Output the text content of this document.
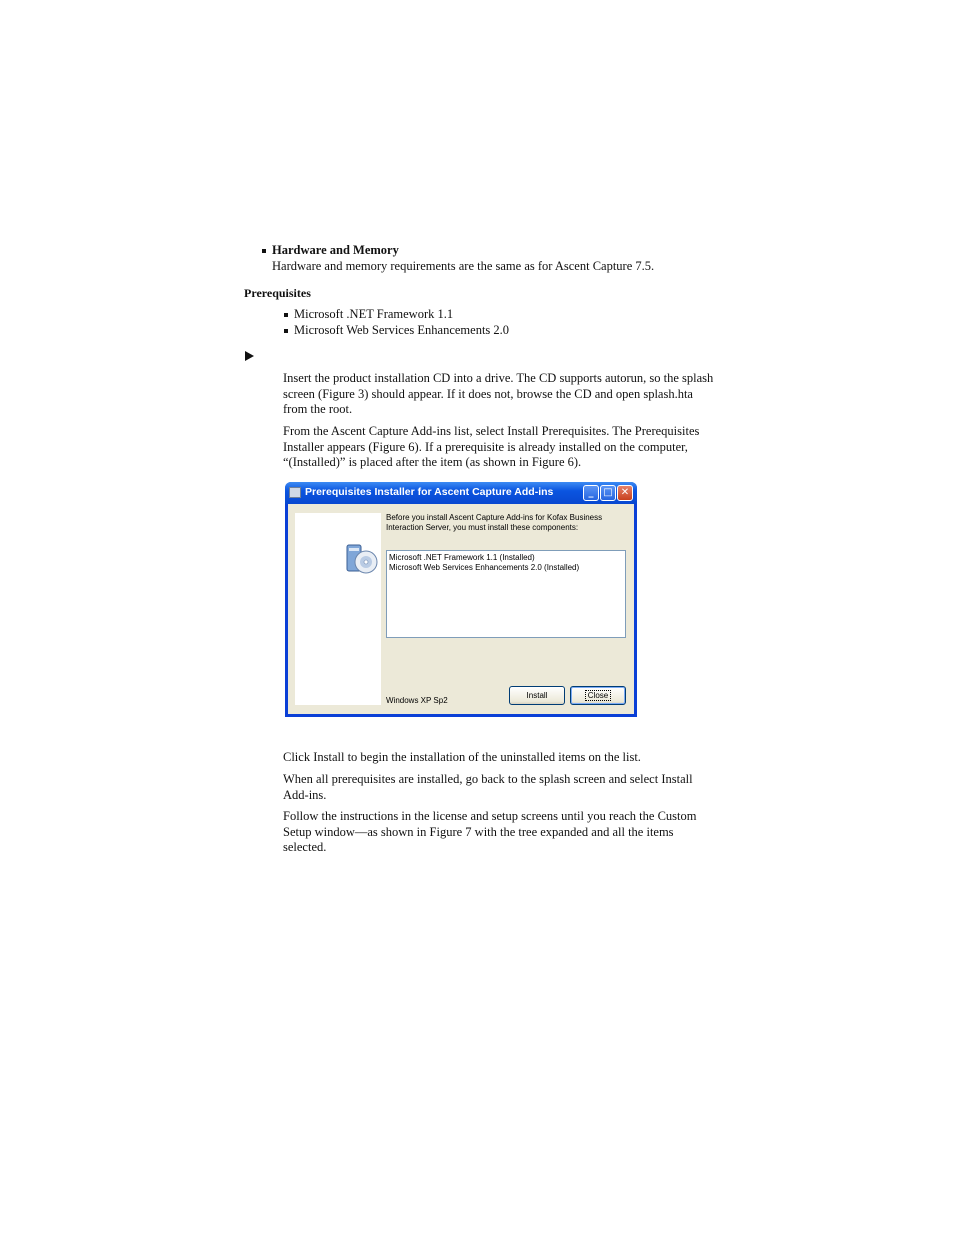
Hardware and Memory
Hardware and memory requirements are the same as for Ascent Capture 7.5.
Prerequisites
Microsoft .NET Framework 1.1
Microsoft Web Services Enhancements 2.0
Insert the product installation CD into a drive. The CD supports autorun, so the splash screen (Figure 3) should appear. If it does not, browse the CD and open splash.hta from the root.
From the Ascent Capture Add-ins list, select Install Prerequisites. The Prerequisites Installer appears (Figure 6). If a prerequisite is already installed on the computer, “(Installed)” is placed after the item (as shown in Figure 6).
Prerequisites Installer for Ascent Capture Add-ins	_ □ ✕
Before you install Ascent Capture Add-ins for Kofax Business Interaction Server, you must install these components:
Microsoft .NET Framework 1.1 (Installed)
Microsoft Web Services Enhancements 2.0 (Installed)
Windows XP Sp2
Install	Close
Click Install to begin the installation of the uninstalled items on the list.
When all prerequisites are installed, go back to the splash screen and select Install Add-ins.
Follow the instructions in the license and setup screens until you reach the Custom Setup window—as shown in Figure 7 with the tree expanded and all the items selected.
